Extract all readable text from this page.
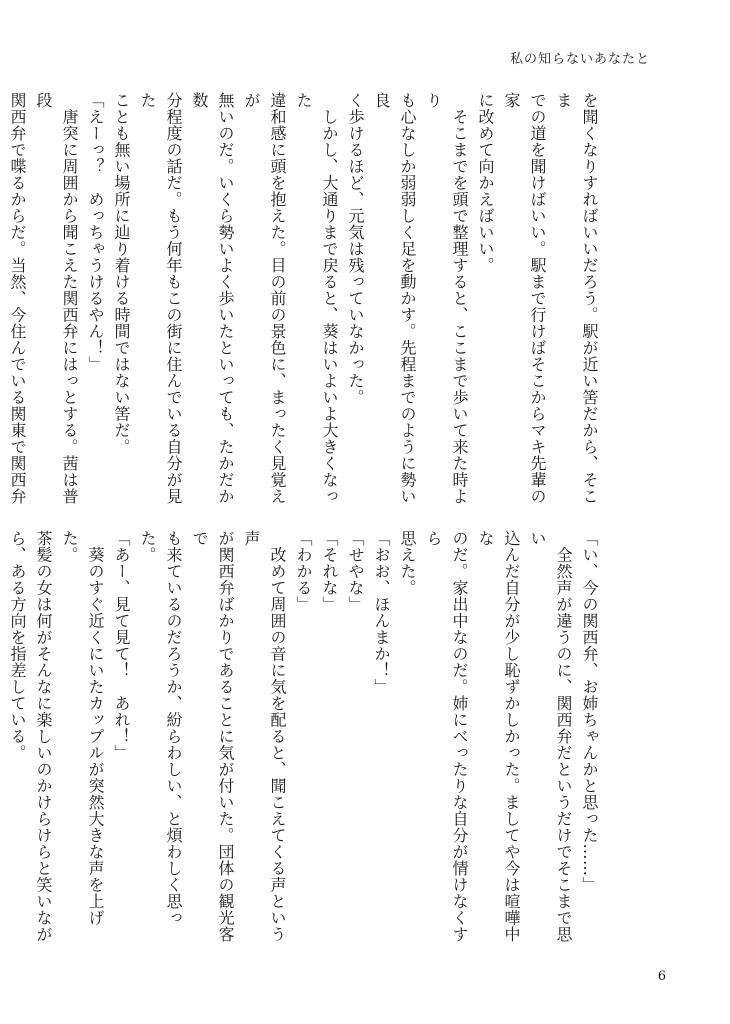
私の知らないあなたと

を聞くなりすればいいだろう。駅が近い筈だから、そこま

での道を聞けばいい。駅まで行けばそこからマキ先輩の家

に改めて向かえばいい。

　そこまでを頭で整理すると、ここまで歩いて来た時より

も心なしか弱弱しく足を動かす。先程までのように勢い良

く歩けるほど、元気は残っていなかった。

　しかし、大通りまで戻ると、葵はいよいよ大きくなった

違和感に頭を抱えた。目の前の景色に、まったく見覚えが

無いのだ。いくら勢いよく歩いたといっても、たかだか数

分程度の話だ。もう何年もこの街に住んでいる自分が見た

ことも無い場所に辿り着ける時間ではない筈だ。

「えーっ？　めっちゃうけるやん！」

　唐突に周囲から聞こえた関西弁にはっとする。茜は普段

関西弁で喋るからだ。当然、今住んでいる関東で関西弁

「い、今の関西弁、お姉ちゃんかと思った……」

　全然声が違うのに、関西弁だというだけでそこまで思い

込んだ自分が少し恥ずかしかった。ましてや今は喧嘩中な

のだ。家出中なのだ。姉にべったりな自分が情けなくすら

思えた。

「おお、ほんまか！」

「せやな」

「それな」

「わかる」

　改めて周囲の音に気を配ると、聞こえてくる声という声

が関西弁ばかりであることに気が付いた。団体の観光客で

も来ているのだろうか、紛らわしい、と煩わしく思った。

「あー、見て見て！　あれ！」

　葵のすぐ近くにいたカップルが突然大きな声を上げた。

茶髪の女は何がそんなに楽しいのかけらけらと笑いなが

ら、ある方向を指差している。

6
